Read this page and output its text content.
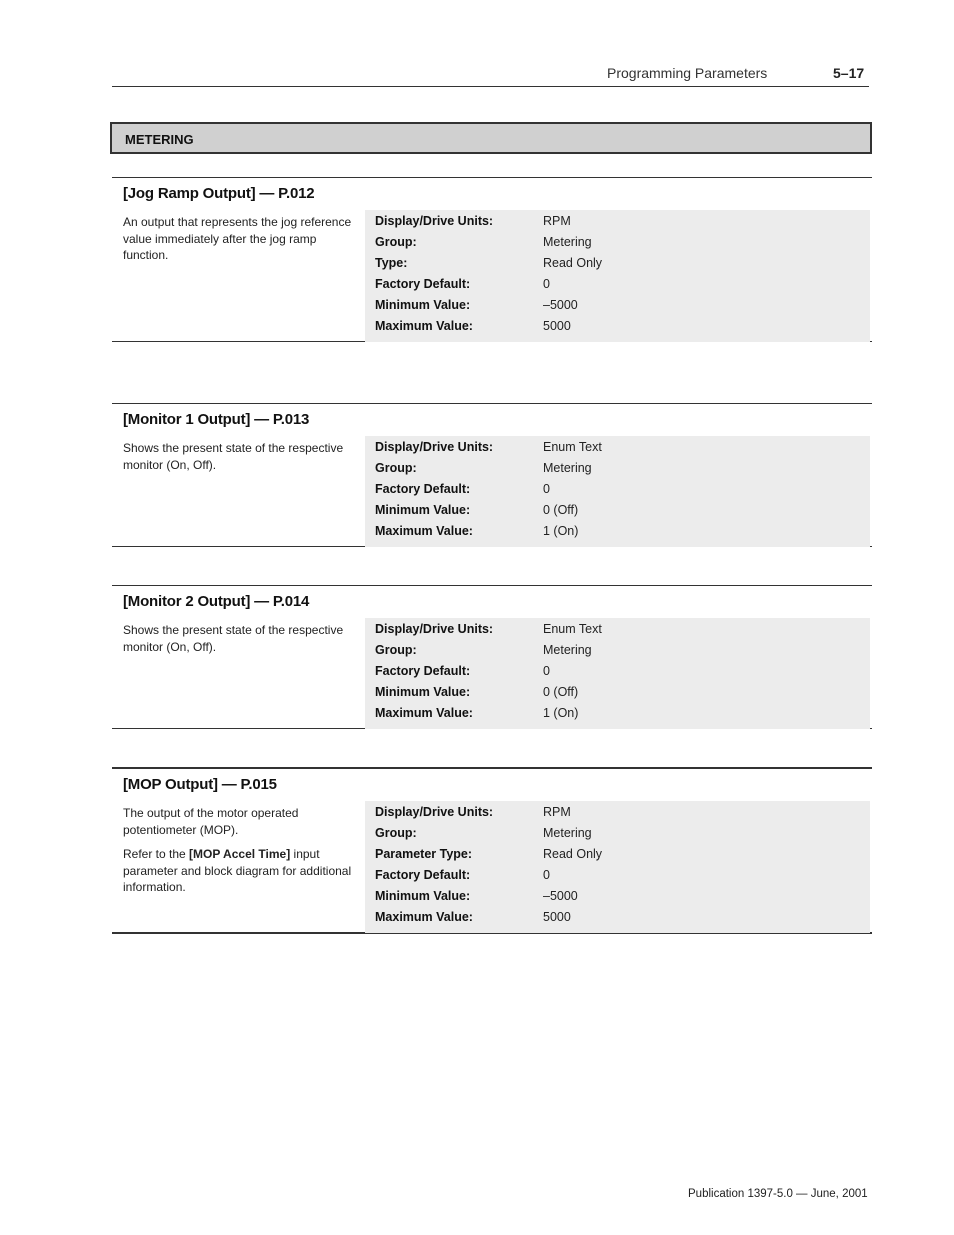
Programming Parameters	5–17
METERING
[Jog Ramp Output] — P.012

An output that represents the jog reference value immediately after the jog ramp function.

Display/Drive Units:	RPM
Group:	Metering
Type:	Read Only
Factory Default:	0
Minimum Value:	–5000
Maximum Value:	5000
[Monitor 1 Output] — P.013

Shows the present state of the respective monitor (On, Off).

Display/Drive Units:	Enum Text
Group:	Metering
Factory Default:	0
Minimum Value:	0 (Off)
Maximum Value:	1 (On)
[Monitor 2 Output] — P.014

Shows the present state of the respective monitor (On, Off).

Display/Drive Units:	Enum Text
Group:	Metering
Factory Default:	0
Minimum Value:	0 (Off)
Maximum Value:	1 (On)
[MOP Output] — P.015

The output of the motor operated potentiometer (MOP).

Refer to the [MOP Accel Time] input parameter and block diagram for additional information.

Display/Drive Units:	RPM
Group:	Metering
Parameter Type:	Read Only
Factory Default:	0
Minimum Value:	–5000
Maximum Value:	5000
Publication 1397-5.0 — June, 2001
